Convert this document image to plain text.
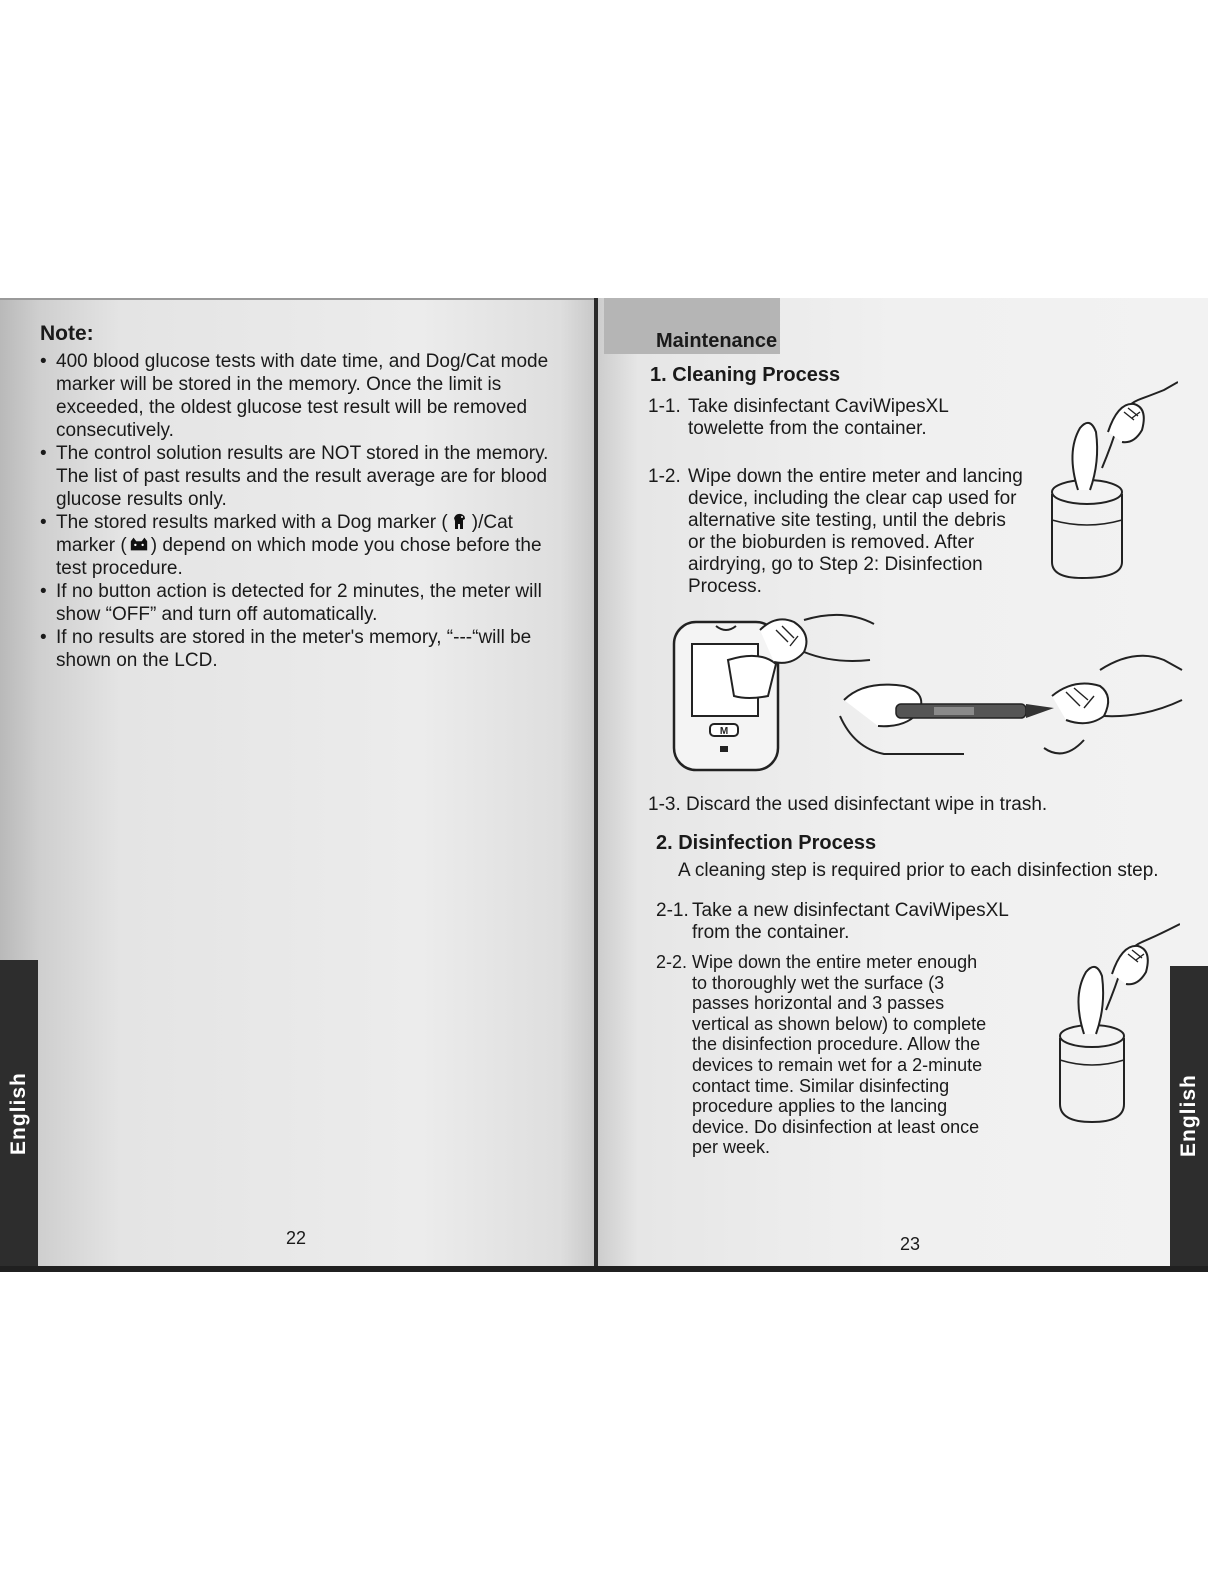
Note:
• 400 blood glucose tests with date time, and Dog/Cat mode marker will be stored in the memory. Once the limit is exceeded, the oldest glucose test result will be removed consecutively.
• The control solution results are NOT stored in the memory. The list of past results and the result average are for blood glucose results only.
• The stored results marked with a Dog marker ( )/Cat marker ( ) depend on which mode you chose before the test procedure.
• If no button action is detected for 2 minutes, the meter will show “OFF” and turn off automatically.
• If no results are stored in the meter's memory, “---“will be shown on the LCD.
English
22
Maintenance
1. Cleaning Process
1-1. Take disinfectant CaviWipesXL towelette from the container.
1-2. Wipe down the entire meter and lancing device, including the clear cap used for alternative site testing, until the debris or the bioburden is removed. After airdrying, go to Step 2: Disinfection Process.
M
1-3. Discard the used disinfectant wipe in trash.
2. Disinfection Process
A cleaning step is required prior to each disinfection step.
2-1. Take a new disinfectant CaviWipesXL from the container.
2-2. Wipe down the entire meter enough to thoroughly wet the surface (3 passes horizontal and 3 passes vertical as shown below) to complete the disinfection procedure. Allow the devices to remain wet for a 2-minute contact time. Similar disinfecting procedure applies to the lancing device. Do disinfection at least once per week.	English
23
